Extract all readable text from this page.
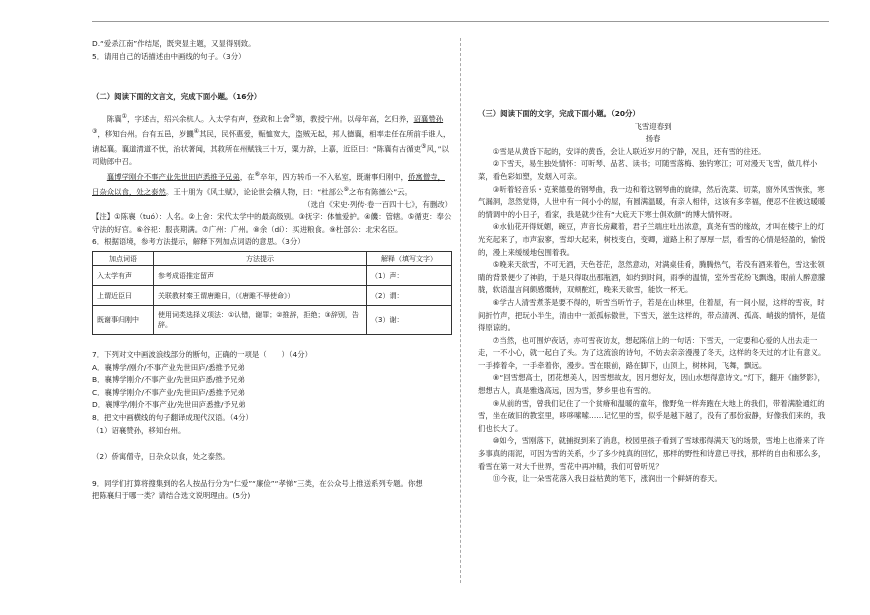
D.“爱杀江南”作结尾，既突显主题，又显得别致。

5．请用自己的话描述由中画线的句子。（3分）

（二）阅读下面的文言文，完成下面小题。（16分）

陈襄①，字述古，绍兴余杭人。入太学有声，登政和上舍②第，教授宁州。以母年高，乞归养，诏襄赞孙③，移知台州。台有五邑，岁饑④其民，民怀惠爱，赈恤宽大，盗贼无起，邦人德襄，相率走任在所前手谁人，请起襄。襄道清道不忧，治状著闻，其救所在州赋钱三十万，粟力辞，上嘉，近臣曰：“陈襄有古循吏⑤风，”以司勋郎中召。

襄博学刚介不事产业先世田庐悉推予兄弟，在⑥卒年，四方转币一不入私室，既谢事归刚中，侨寓僧寺，日杂众以食，处之泰然。王十朋为《风土赋》，论论世会稽人物，曰：“杜部公⑨之布有陈德公”云。

（选自《宋史·列传·卷一百四十七》，有删改）

【注】①陈襄（tuó）：人名。②上舍：宋代太学中的最高级别。③抚字：体恤爱护。④饑：管辖。⑤循吏：奉公守法的好官。⑥谷祀：服丧期满。⑦广州：广州。⑧余（dí）：买进粮食。⑨杜部公：北宋名臣。

6．根据语境，参考方法提示，解释下列加点词语的意思。（3分）

加点词语	方法提示	解释（填写文字）
入太学有声	参考成语推定留声	（1）声：
上谓近臣曰	关联教材秦王谓唐雎曰，（《唐雎不辱使命》）	（2）谓：
既谢事归刚中	使用词类选择义项法：①认错，谢罪；②推辞，拒绝；③辞别，告辞。	（3）谢：

7．下列对文中画波浪线部分的断句，正确的一项是（　　）（4分）

A．襄博学/刚介/不事产业先世田庐/悉推予兄弟

B．襄博学刚介/不事产业/先世田庐悉/推予兄弟

C．襄博学刚介/不事产业/先世田庐/悉推予兄弟

D．襄博学/刚介不事产业/先世田庐悉推/予兄弟

8．把文中画横线的句子翻译成现代汉语。（4分）

（1）诏襄赞孙，移知台州。

（2）侨寓僧寺，日杂众以食，处之泰然。

9．同学们打算将搜集到的名人按品行分为“仁爱”“廉俭”“孝悌”三类，在公众号上推送系列专题。你想

把陈襄归于哪一类？请结合选文说明理由。(5分)

（三）阅读下面的文字，完成下面小题。（20分）

飞雪迎春到

扬春

①雪是从黄昏下起的，安详的黄昏，会让人联近岁月的宁静，况且，还有雪的往还。

②下雪天，易生独处情怀：可听琴、品茗、读书；可随雪落梅、独钓寒江；可对漫天飞雪，做几样小菜，看色彩如塑，发烟入可亲。

③听着轻音乐・克莱德曼的钢琴曲，我一边和着这钢琴曲的旋律，然后洗菜、切菜，窗外风雪恢张，寒气漏洞，忽然觉得，人世中有一间小小的屋，有圆满温暖，有亲人相伴，这该有多幸福，便忍不住被这暖暖的情调中的小日子，看家，我是就少往有“大庇天下寒士俱欢颜”的博大情怀呀。

④水仙花开得妩媚，碗豆，声音长房藏着，君子兰端庄吐出浓意，真尧有雪的缘故，才叫在楼宇上的灯光充起来了，市声寂寥，雪却大起来，树枝变白，变卿，道路上积了厚厚一层，看雪的心情是轻盈的，愉悦的，漫上来缓缓地包围着我。

⑤晚来天欲雪，不可无酒，天色苍茫，忽然意动，对满桌佳肴，腾腾热气，若没有酒来着色，雪这张领睛的背景便少了神韵，于是只得取出那瓶酒，如约到时间，雨季的温情，室外雪花纷飞飘逸，眼前人醉意朦胧，软语温言间颇感慨转，双颊酡红，晚来天欲雪，能饮一杯无。

⑥学古人清雪煮茶是要不得的，听雪当听竹子，若是在山林里，住着屋，有一间小屋，这样的雪夜，时间折竹声，把玩小半生，清由中一派孤标傲世，下雪天，滋生这样的，带点清冽、孤高、峭拔的情怀，是值得原谅的。

⑦当然，也可围炉夜话，亦可雪夜访友，想起陈信上的一句话：下雪天，一定要和心爱的人出去走一走，一不小心，就一起白了头。为了这流浪的诗句，不妨去亲亲漫漫了冬天，这样的冬天过的才让有意义。一手捧着伞，一手牵着你，漫步。雪在眼前，路在脚下，山顶上，树林间，飞舞，飘远。

⑧“回雪想高士，团花想美人，因雪想故友，因月想好友，因山水想得意诗文。”灯下，翻开《幽梦影》，想想古人，真是雅逸高远，因为雪，梦乡里也有雪的。

⑨从前的雪，曾我们记住了一个贫瘠和温暖的童年，像野兔一样奔跑在大地上的我们，带着满脸通红的雪，坐在破旧的教室里，哆哆嗦嗦……记忆里的雪，似乎是越下越了，没有了那份寂静，好像我们来的，我们也长大了。

⑩如今，雪刚落下，就捕捉到来了消息，校园里孩子看到了雪球那得满天飞的场景，雪地上也滑来了许多事真的雨泥，可因为雪的关系，少了多少纯真的回忆，那样的野性和诗意已寻找，那样的自由和那么多，看雪在第一对大千世界，雪花中再冲精，我们可曾听见？

⑪今夜，让一朵雪花落入我日益枯黄的笔下，涨润出一个鲜妍的春天。
